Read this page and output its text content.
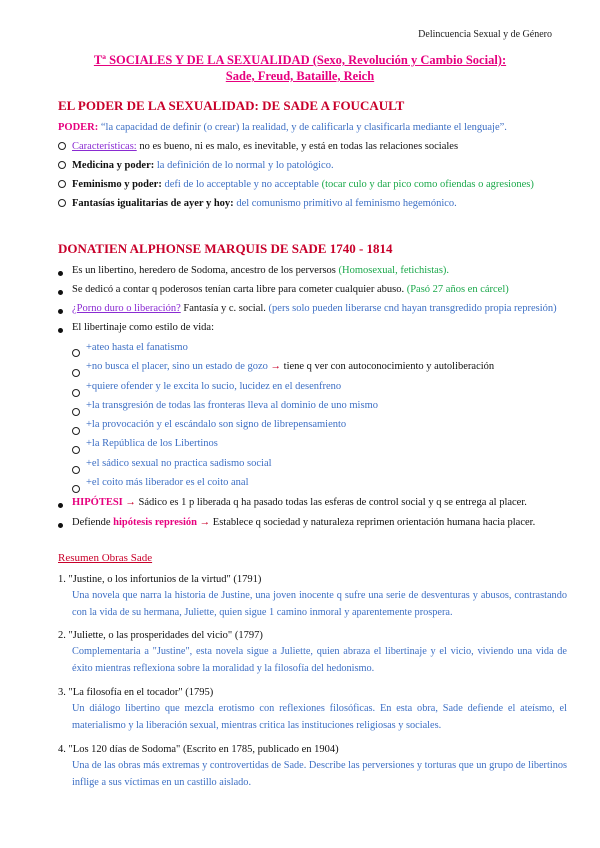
Delincuencia Sexual y de Género
Tª SOCIALES Y DE LA SEXUALIDAD (Sexo, Revolución y Cambio Social):
Sade, Freud, Bataille, Reich
EL PODER DE LA SEXUALIDAD: DE SADE A FOUCAULT
PODER: “la capacidad de definir (o crear) la realidad, y de calificarla y clasificarla mediante el lenguaje”.
Características: no es bueno, ni es malo, es inevitable, y está en todas las relaciones sociales
Medicina y poder: la definición de lo normal y lo patológico.
Feminismo y poder: defi de lo acceptable y no acceptable (tocar culo y dar pico como ofiendas o agresiones)
Fantasías igualitarias de ayer y hoy: del comunismo primitivo al feminismo hegemónico.
DONATIEN ALPHONSE MARQUIS DE SADE 1740 - 1814
Es un libertino, heredero de Sodoma, ancestro de los perversos (Homosexual, fetichistas).
Se dedicó a contar q poderosos tenían carta libre para cometer cualquier abuso. (Pasó 27 años en cárcel)
¿Porno duro o liberación? Fantasía y c. social. (pers solo pueden liberarse cnd hayan transgredido propia represión)
El libertinaje como estilo de vida:
+ateo hasta el fanatismo
+no busca el placer, sino un estado de gozo → tiene q ver con autoconocimiento y autoliberación
+quiere ofender y le excita lo sucio, lucidez en el desenfreno
+la transgresión de todas las fronteras lleva al dominio de uno mismo
+la provocación y el escándalo son signo de librepensamiento
+la República de los Libertinos
+el sádico sexual no practica sadismo social
+el coito más liberador es el coito anal
HIPÓTESI → Sádico es 1 p liberada q ha pasado todas las esferas de control social y q se entrega al placer.
Defiende hipótesis represión → Establece q sociedad y naturaleza reprimen orientación humana hacia placer.
Resumen Obras Sade
1. "Justine, o los infortunios de la virtud" (1791)
Una novela que narra la historia de Justine, una joven inocente q sufre una serie de desventuras y abusos, contrastando con la vida de su hermana, Juliette, quien sigue 1 camino inmoral y aparentemente prospera.
2. "Juliette, o las prosperidades del vicio" (1797)
Complementaria a "Justine", esta novela sigue a Juliette, quien abraza el libertinaje y el vicio, viviendo una vida de éxito mientras reflexiona sobre la moralidad y la filosofía del hedonismo.
3. "La filosofía en el tocador" (1795)
Un diálogo libertino que mezcla erotismo con reflexiones filosóficas. En esta obra, Sade defiende el ateísmo, el materialismo y la liberación sexual, mientras critica las instituciones religiosas y sociales.
4. "Los 120 días de Sodoma" (Escrito en 1785, publicado en 1904)
Una de las obras más extremas y controvertidas de Sade. Describe las perversiones y torturas que un grupo de libertinos inflige a sus víctimas en un castillo aislado.
